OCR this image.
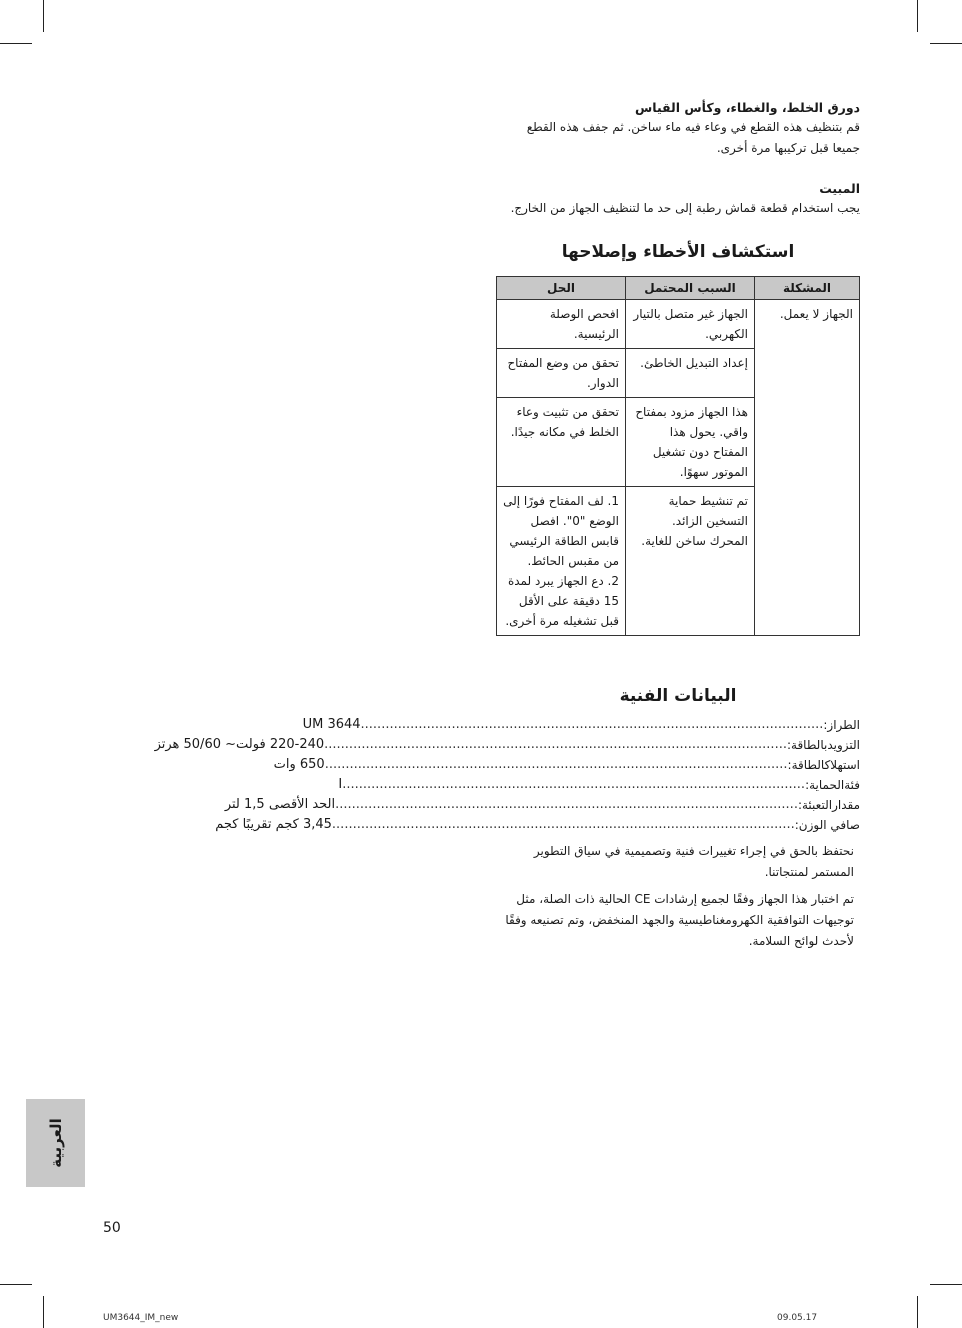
دورق الخلط، والغطاء، وكأس القياس

قم بتنظيف هذه القطع في وعاء فيه ماء ساخن. ثم جفف هذه القطع جميعا قبل تركيبها مرة أخرى.

المبيت

يجب استخدام قطعة قماش رطبة إلى حد ما لتنظيف الجهاز من الخارج.

استكشاف الأخطاء وإصلاحها

المشكلة	السبب المحتمل	الحل
الجهاز لا يعمل.	الجهاز غير متصل بالتيار الكهربي.	افحص الوصلة الرئيسية.
	إعداد التبديل الخاطئ.	تحقق من وضع المفتاح الدوار.
	هذا الجهاز مزود بمفتاح واقي. يحول هذا المفتاح دون تشغيل الموتور سهوًا.	تحقق من تثبيت وعاء الخلط في مكانه جيدًا.
	تم تنشيط حماية التسخين الزائد. المحرك ساخن للغاية.	1. لف المفتاح فورًا إلى الوضع "0". افصل قابس الطاقة الرئيسي من مقبس الحائط.
2. دع الجهاز يبرد لمدة 15 دقيقة على الأقل قبل تشغيله مرة أخرى.

البيانات الفنية

الطراز:
................................................................................................................
UM 3644
التزويدبالطاقة:
................................................................................................................
220-240 فولت~ 50/60 هرتز
استهلاكالطاقة:
................................................................................................................
650 وات
فئةالحماية:
................................................................................................................
I
مقدارالتعبئة:
................................................................................................................
الحد الأقصى 1,5 لتر
صافي الوزن:
................................................................................................................
3,45 كجم تقريبًا كجم

نحتفظ بالحق في إجراء تغييرات فنية وتصميمية في سياق التطوير المستمر لمنتجاتنا.

تم اختبار هذا الجهاز وفقًا لجميع إرشادات CE الحالية ذات الصلة، مثل توجيهات التوافقية الكهرومغناطيسية والجهد المنخفض، وتم تصنيعه وفقًا لأحدث لوائح السلامة.

العربية
50
UM3644_IM_new	09.05.17
